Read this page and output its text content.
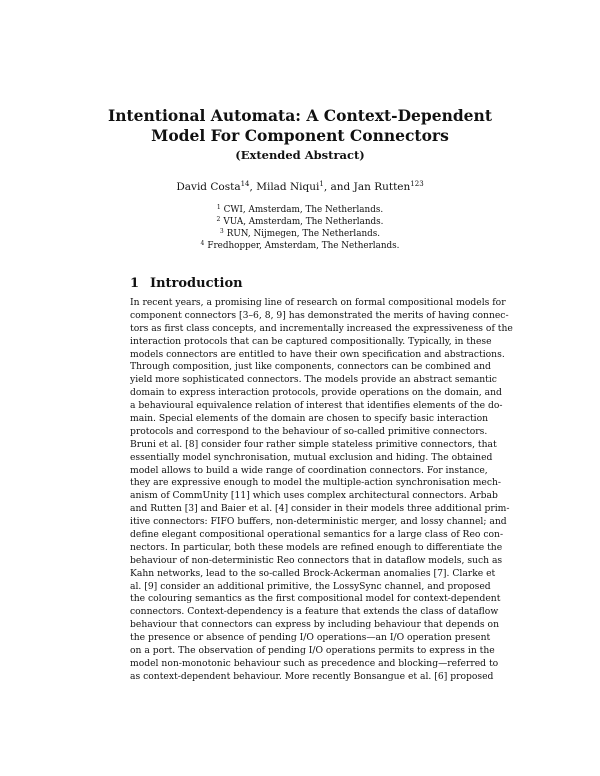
Intentional Automata: A Context-Dependent
Model For Component Connectors
(Extended Abstract)
David Costa$^{14}$, Milad Niqui$^1$, and Jan Rutten$^{123}$
$^1$ CWI, Amsterdam, The Netherlands.
$^2$ VUA, Amsterdam, The Netherlands.
$^3$ RUN, Nijmegen, The Netherlands.
$^4$ Fredhopper, Amsterdam, The Netherlands.
1 Introduction
In recent years, a promising line of research on formal compositional models for
component connectors [3–6, 8, 9] has demonstrated the merits of having connec-
tors as first class concepts, and incrementally increased the expressiveness of the
interaction protocols that can be captured compositionally. Typically, in these
models connectors are entitled to have their own specification and abstractions.
Through composition, just like components, connectors can be combined and
yield more sophisticated connectors. The models provide an abstract semantic
domain to express interaction protocols, provide operations on the domain, and
a behavioural equivalence relation of interest that identifies elements of the do-
main. Special elements of the domain are chosen to specify basic interaction
protocols and correspond to the behaviour of so-called primitive connectors.
Bruni et al. [8] consider four rather simple stateless primitive connectors, that
essentially model synchronisation, mutual exclusion and hiding. The obtained
model allows to build a wide range of coordination connectors. For instance,
they are expressive enough to model the multiple-action synchronisation mech-
anism of CommUnity [11] which uses complex architectural connectors. Arbab
and Rutten [3] and Baier et al. [4] consider in their models three additional prim-
itive connectors: FIFO buffers, non-deterministic merger, and lossy channel; and
define elegant compositional operational semantics for a large class of Reo con-
nectors. In particular, both these models are refined enough to differentiate the
behaviour of non-deterministic Reo connectors that in dataflow models, such as
Kahn networks, lead to the so-called Brock-Ackerman anomalies [7]. Clarke et
al. [9] consider an additional primitive, the LossySync channel, and proposed
the colouring semantics as the first compositional model for context-dependent
connectors. Context-dependency is a feature that extends the class of dataflow
behaviour that connectors can express by including behaviour that depends on
the presence or absence of pending I/O operations—an I/O operation present
on a port. The observation of pending I/O operations permits to express in the
model non-monotonic behaviour such as precedence and blocking—referred to
as context-dependent behaviour. More recently Bonsangue et al. [6] proposed
